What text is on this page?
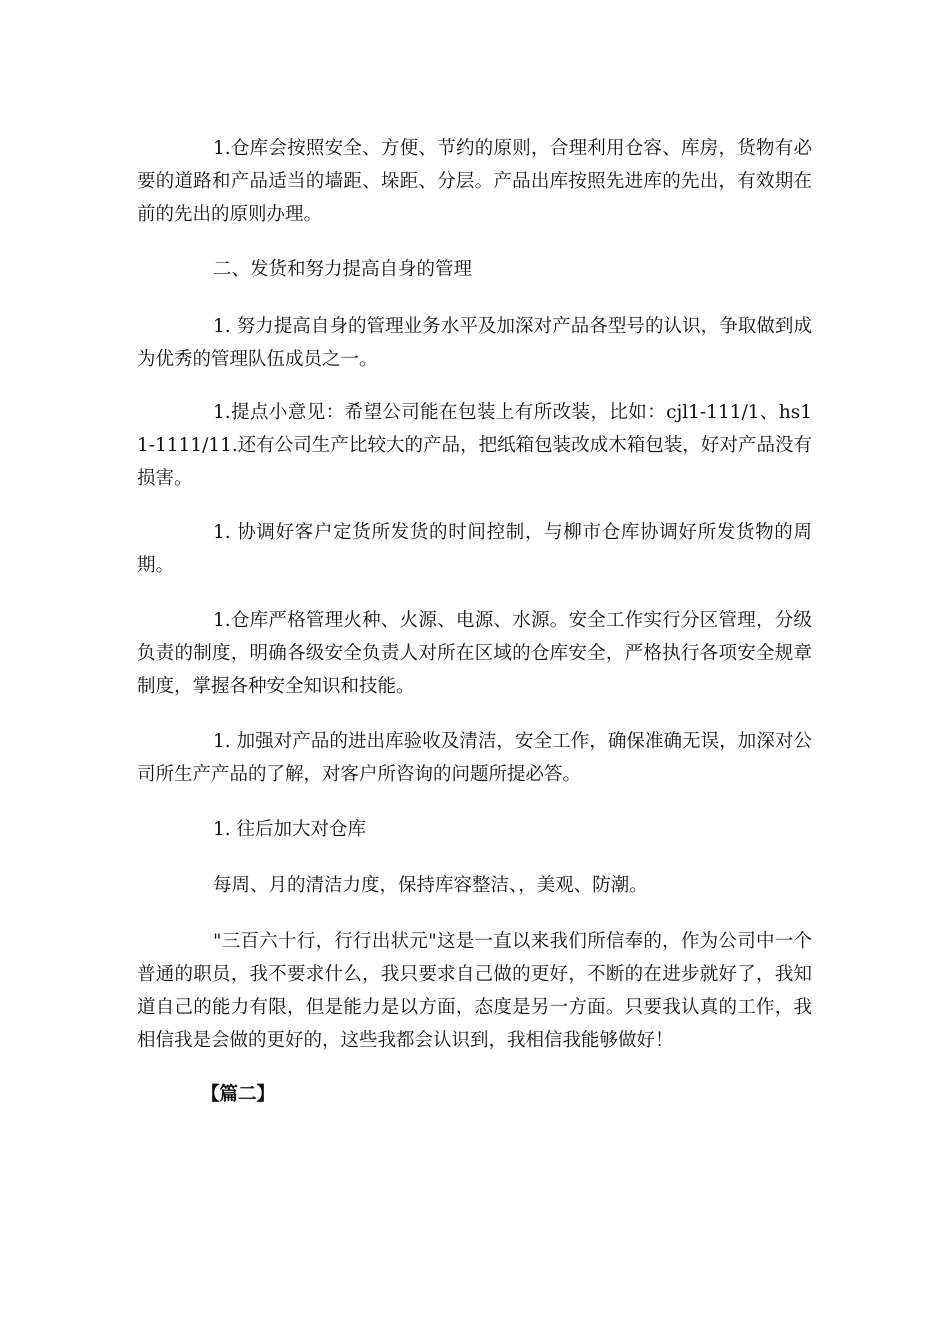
1.仓库会按照安全、方便、节约的原则，合理利用仓容、库房，货物有必要的道路和产品适当的墙距、垛距、分层。产品出库按照先进库的先出，有效期在前的先出的原则办理。

二、发货和努力提高自身的管理

1. 努力提高自身的管理业务水平及加深对产品各型号的认识，争取做到成为优秀的管理队伍成员之一。

1.提点小意见：希望公司能在包装上有所改装，比如：cjl1-111/1、hs11-1111/11.还有公司生产比较大的产品，把纸箱包装改成木箱包装，好对产品没有损害。

1. 协调好客户定货所发货的时间控制，与柳市仓库协调好所发货物的周期。

1.仓库严格管理火种、火源、电源、水源。安全工作实行分区管理，分级负责的制度，明确各级安全负责人对所在区域的仓库安全，严格执行各项安全规章制度，掌握各种安全知识和技能。

1. 加强对产品的进出库验收及清洁，安全工作，确保准确无误，加深对公司所生产产品的了解，对客户所咨询的问题所提必答。

1. 往后加大对仓库

每周、月的清洁力度，保持库容整洁、，美观、防潮。

"三百六十行，行行出状元"这是一直以来我们所信奉的，作为公司中一个普通的职员，我不要求什么，我只要求自己做的更好，不断的在进步就好了，我知道自己的能力有限，但是能力是以方面，态度是另一方面。只要我认真的工作，我相信我是会做的更好的，这些我都会认识到，我相信我能够做好！

【篇二】
